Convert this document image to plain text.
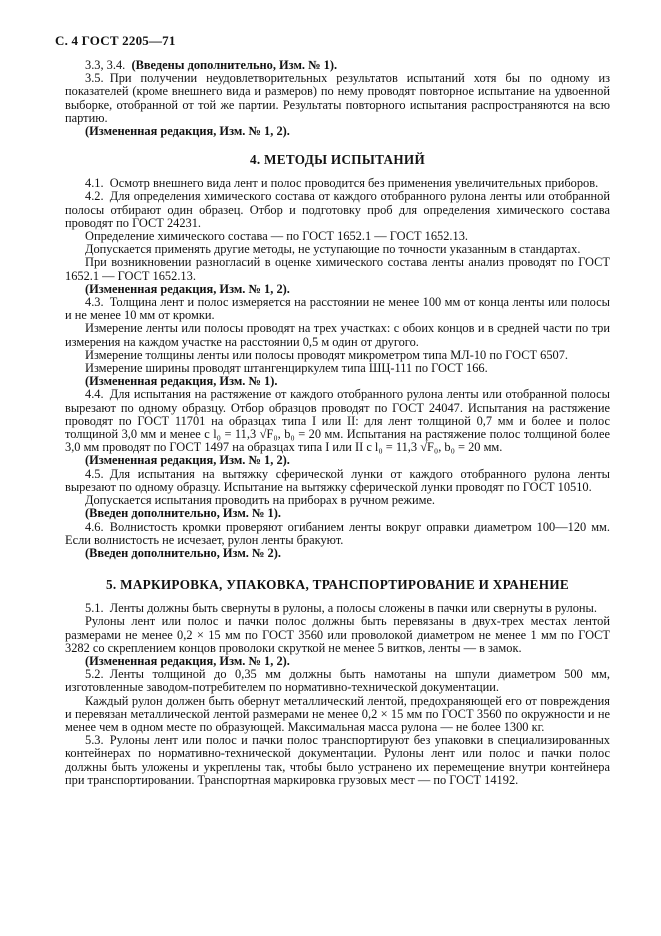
С. 4 ГОСТ 2205—71

3.3, 3.4. (Введены дополнительно, Изм. № 1).

3.5. При получении неудовлетворительных результатов испытаний хотя бы по одному из показателей (кроме внешнего вида и размеров) по нему проводят повторное испытание на удвоенной выборке, отобранной от той же партии. Результаты повторного испытания распространяются на всю партию.

(Измененная редакция, Изм. № 1, 2).

4. МЕТОДЫ ИСПЫТАНИЙ

4.1. Осмотр внешнего вида лент и полос проводится без применения увеличительных приборов.

4.2. Для определения химического состава от каждого отобранного рулона ленты или отобранной полосы отбирают один образец. Отбор и подготовку проб для определения химического состава проводят по ГОСТ 24231.

Определение химического состава — по ГОСТ 1652.1 — ГОСТ 1652.13.

Допускается применять другие методы, не уступающие по точности указанным в стандартах.

При возникновении разногласий в оценке химического состава ленты анализ проводят по ГОСТ 1652.1 — ГОСТ 1652.13.

(Измененная редакция, Изм. № 1, 2).

4.3. Толщина лент и полос измеряется на расстоянии не менее 100 мм от конца ленты или полосы и не менее 10 мм от кромки.

Измерение ленты или полосы проводят на трех участках: с обоих концов и в средней части по три измерения на каждом участке на расстоянии 0,5 м один от другого.

Измерение толщины ленты или полосы проводят микрометром типа МЛ-10 по ГОСТ 6507.

Измерение ширины проводят штангенциркулем типа ШЦ-111 по ГОСТ 166.

(Измененная редакция, Изм. № 1).

4.4. Для испытания на растяжение от каждого отобранного рулона ленты или отобранной полосы вырезают по одному образцу. Отбор образцов проводят по ГОСТ 24047. Испытания на растяжение проводят по ГОСТ 11701 на образцах типа I или II: для лент толщиной 0,7 мм и более и полос толщиной 3,0 мм и менее с l₀ = 11,3 √F₀, b₀ = 20 мм. Испытания на растяжение полос толщиной более 3,0 мм проводят по ГОСТ 1497 на образцах типа I или II с l₀ = 11,3 √F₀, b₀ = 20 мм.

(Измененная редакция, Изм. № 1, 2).

4.5. Для испытания на вытяжку сферической лунки от каждого отобранного рулона ленты вырезают по одному образцу. Испытание на вытяжку сферической лунки проводят по ГОСТ 10510.

Допускается испытания проводить на приборах в ручном режиме.

(Введен дополнительно, Изм. № 1).

4.6. Волнистость кромки проверяют огибанием ленты вокруг оправки диаметром 100—120 мм. Если волнистость не исчезает, рулон ленты бракуют.

(Введен дополнительно, Изм. № 2).

5. МАРКИРОВКА, УПАКОВКА, ТРАНСПОРТИРОВАНИЕ И ХРАНЕНИЕ

5.1. Ленты должны быть свернуты в рулоны, а полосы сложены в пачки или свернуты в рулоны.

Рулоны лент или полос и пачки полос должны быть перевязаны в двух-трех местах лентой размерами не менее 0,2 × 15 мм по ГОСТ 3560 или проволокой диаметром не менее 1 мм по ГОСТ 3282 со скреплением концов проволоки скруткой не менее 5 витков, ленты — в замок.

(Измененная редакция, Изм. № 1, 2).

5.2. Ленты толщиной до 0,35 мм должны быть намотаны на шпули диаметром 500 мм, изготовленные заводом-потребителем по нормативно-технической документации.

Каждый рулон должен быть обернут металлический лентой, предохраняющей его от повреждения и перевязан металлической лентой размерами не менее 0,2 × 15 мм по ГОСТ 3560 по окружности и не менее чем в одном месте по образующей. Максимальная масса рулона — не более 1300 кг.

5.3. Рулоны лент или полос и пачки полос транспортируют без упаковки в специализированных контейнерах по нормативно-технической документации. Рулоны лент или полос и пачки полос должны быть уложены и укреплены так, чтобы было устранено их перемещение внутри контейнера при транспортировании. Транспортная маркировка грузовых мест — по ГОСТ 14192.
